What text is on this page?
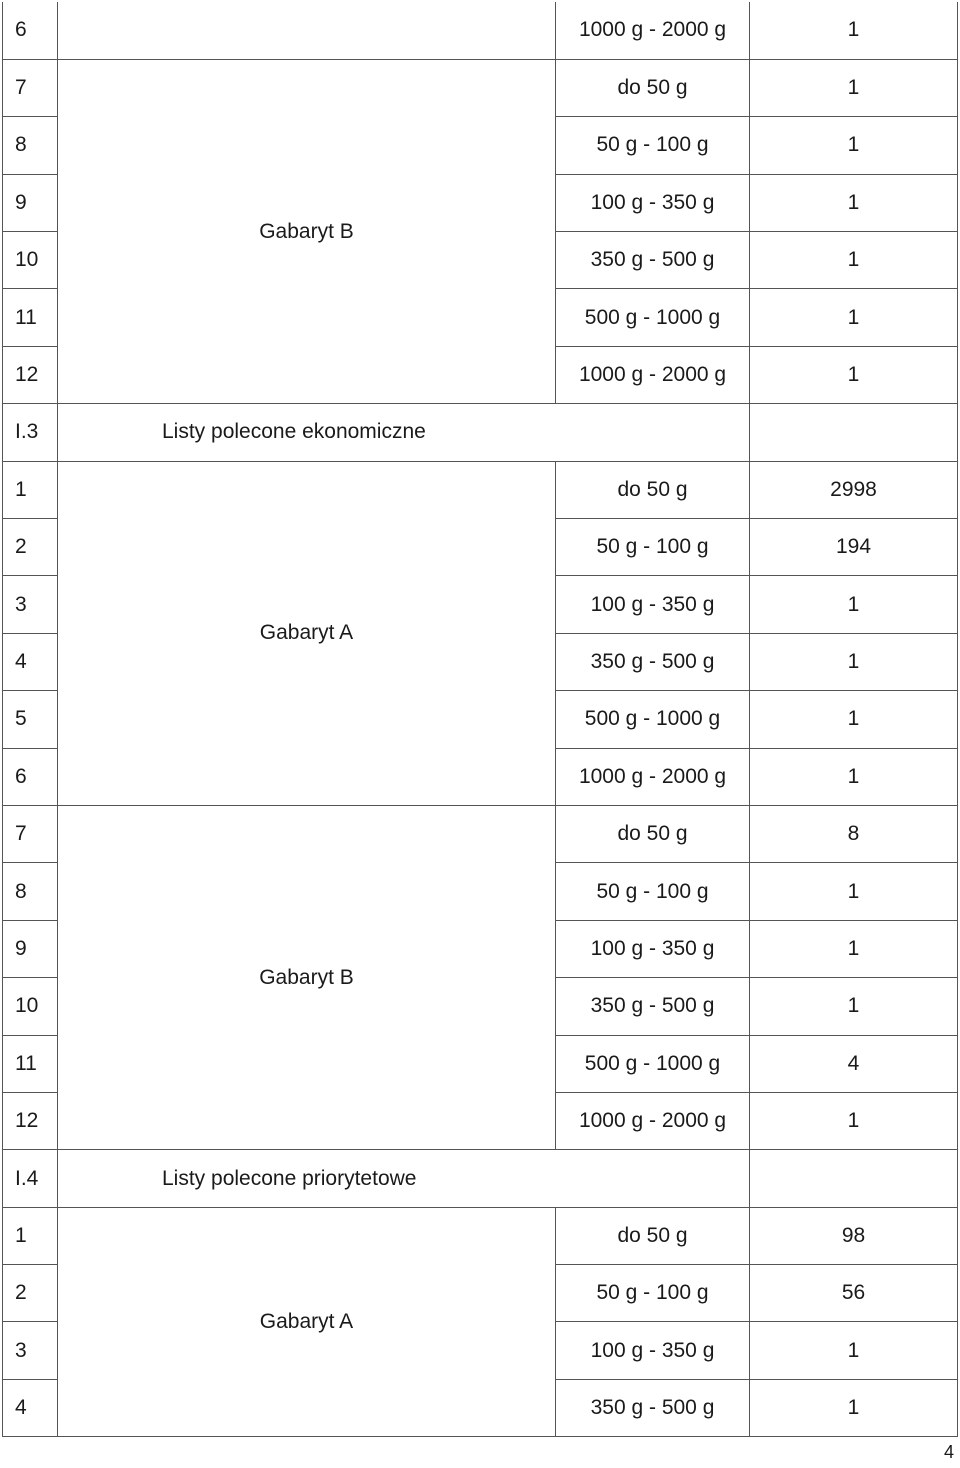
6		1000 g - 2000 g	1
7	Gabaryt B	do 50 g	1
8		50 g - 100 g	1
9		100 g - 350 g	1
10		350 g - 500 g	1
11		500 g - 1000 g	1
12		1000 g - 2000 g	1
I.3	Listy polecone ekonomiczne		
1	Gabaryt A	do 50 g	2998
2		50 g - 100 g	194
3		100 g - 350 g	1
4		350 g - 500 g	1
5		500 g - 1000 g	1
6		1000 g - 2000 g	1
7	Gabaryt B	do 50 g	8
8		50 g - 100 g	1
9		100 g - 350 g	1
10		350 g - 500 g	1
11		500 g - 1000 g	4
12		1000 g - 2000 g	1
I.4	Listy polecone priorytetowe		
1	Gabaryt A	do 50 g	98
2		50 g - 100 g	56
3		100 g - 350 g	1
4		350 g - 500 g	1
4
